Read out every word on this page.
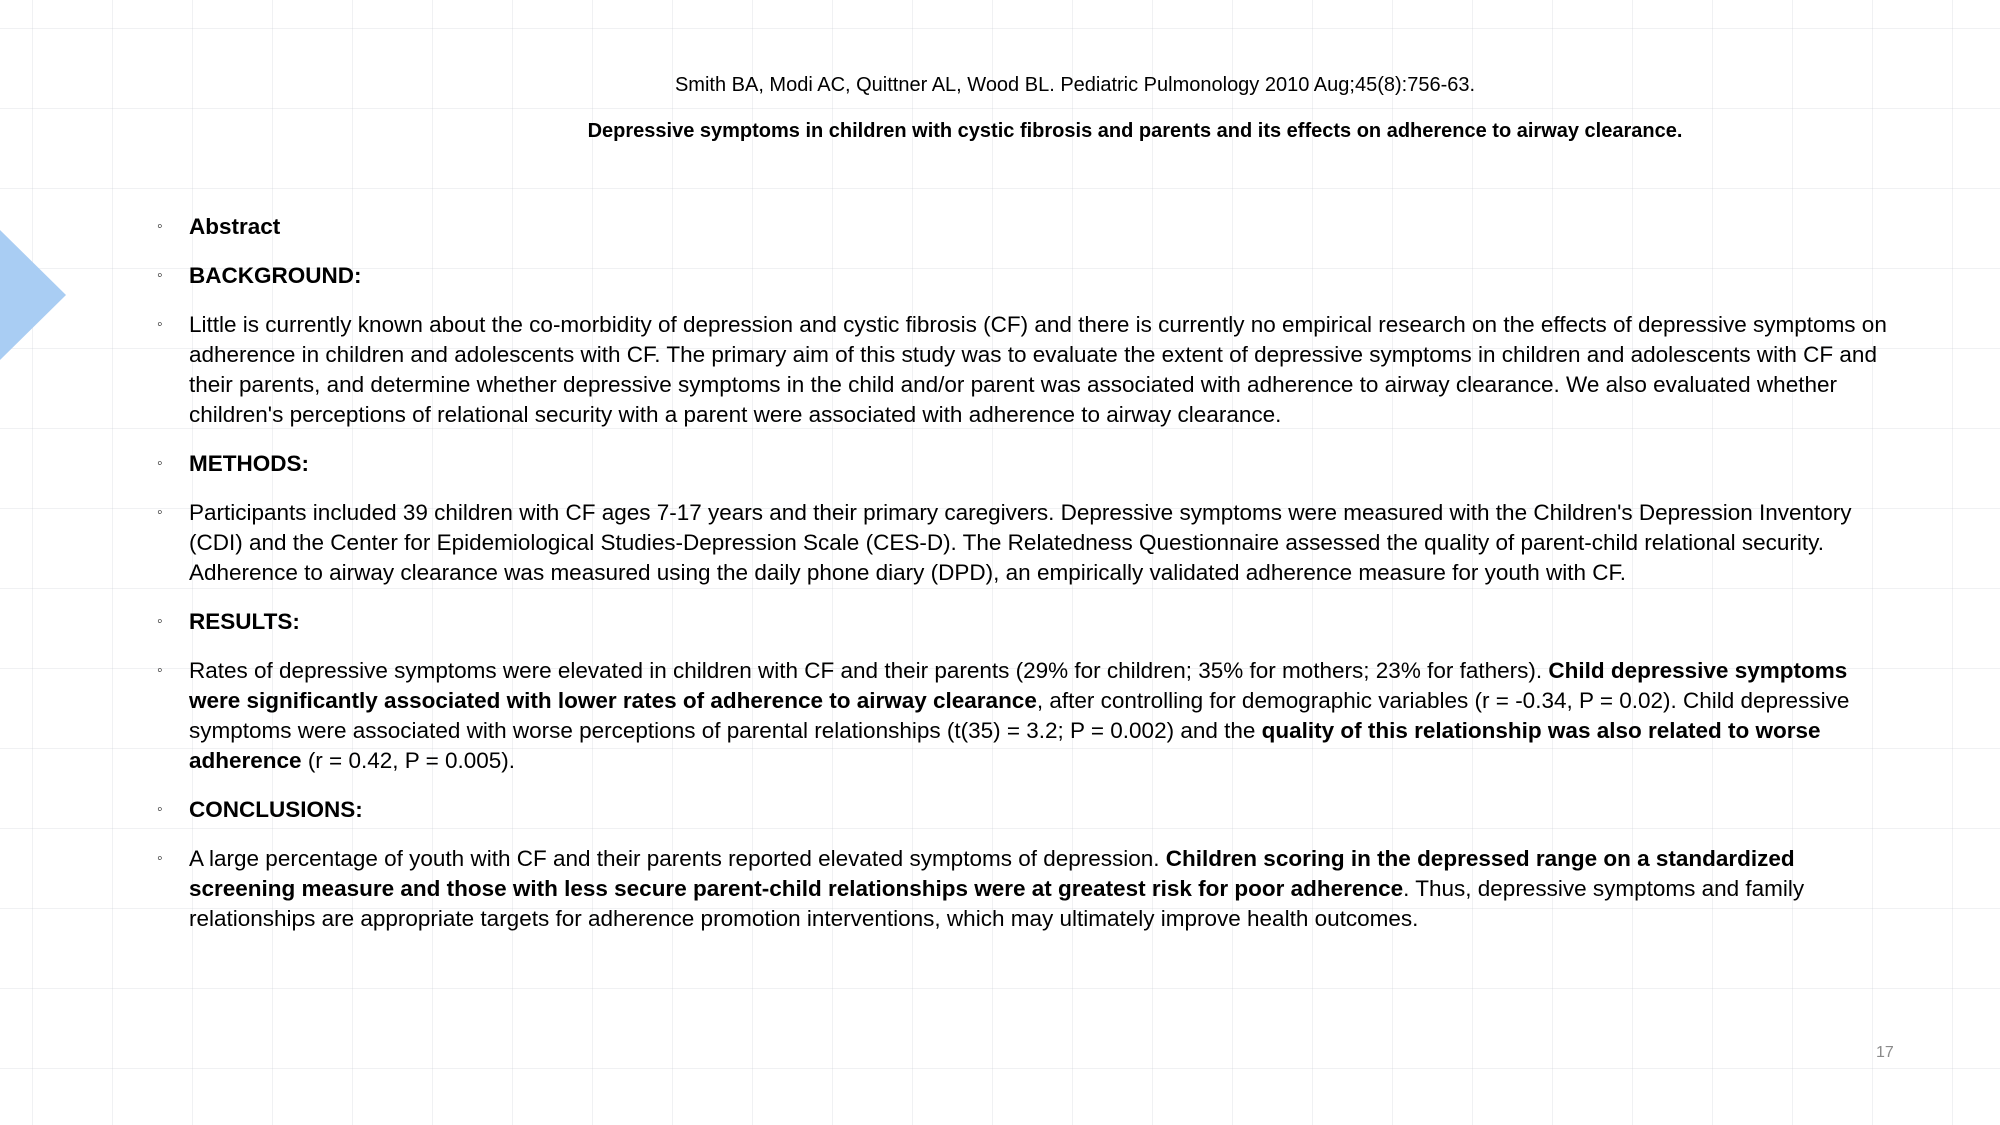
Smith BA, Modi AC, Quittner AL, Wood BL. Pediatric Pulmonology 2010 Aug;45(8):756-63.
Depressive symptoms in children with cystic fibrosis and parents and its effects on adherence to airway clearance.
◦ Abstract
◦ BACKGROUND:
◦ Little is currently known about the co-morbidity of depression and cystic fibrosis (CF) and there is currently no empirical research on the effects of depressive symptoms on adherence in children and adolescents with CF. The primary aim of this study was to evaluate the extent of depressive symptoms in children and adolescents with CF and their parents, and determine whether depressive symptoms in the child and/or parent was associated with adherence to airway clearance. We also evaluated whether children's perceptions of relational security with a parent were associated with adherence to airway clearance.
◦ METHODS:
◦ Participants included 39 children with CF ages 7-17 years and their primary caregivers. Depressive symptoms were measured with the Children's Depression Inventory (CDI) and the Center for Epidemiological Studies-Depression Scale (CES-D). The Relatedness Questionnaire assessed the quality of parent-child relational security. Adherence to airway clearance was measured using the daily phone diary (DPD), an empirically validated adherence measure for youth with CF.
◦ RESULTS:
◦ Rates of depressive symptoms were elevated in children with CF and their parents (29% for children; 35% for mothers; 23% for fathers). Child depressive symptoms were significantly associated with lower rates of adherence to airway clearance, after controlling for demographic variables (r = -0.34, P = 0.02). Child depressive symptoms were associated with worse perceptions of parental relationships (t(35) = 3.2; P = 0.002) and the quality of this relationship was also related to worse adherence (r = 0.42, P = 0.005).
◦ CONCLUSIONS:
◦ A large percentage of youth with CF and their parents reported elevated symptoms of depression. Children scoring in the depressed range on a standardized screening measure and those with less secure parent-child relationships were at greatest risk for poor adherence. Thus, depressive symptoms and family relationships are appropriate targets for adherence promotion interventions, which may ultimately improve health outcomes.
17
